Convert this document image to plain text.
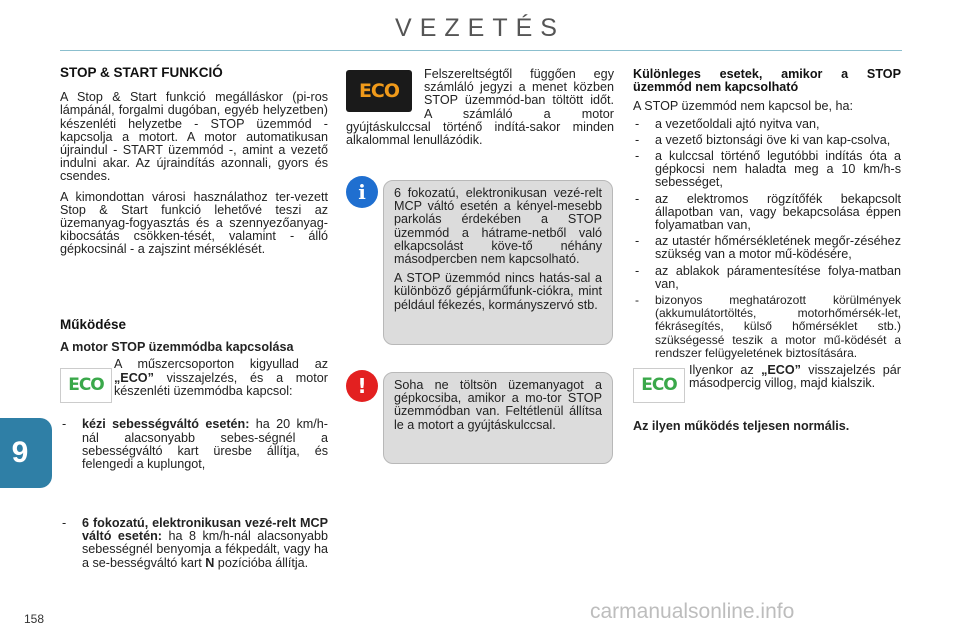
VEZETÉS
9
158
STOP & START FUNKCIÓ

A Stop & Start funkció megálláskor (pi-ros lámpánál, forgalmi dugóban, egyéb helyzetben) készenléti helyzetbe - STOP üzemmód - kapcsolja a motort. A motor automatikusan újraindul - START üzemmód -, amint a vezető indulni akar. Az újraindítás azonnali, gyors és csendes.

A kimondottan városi használathoz ter-vezett Stop & Start funkció lehetővé teszi az üzemanyag-fogyasztás és a szennyezőanyag-kibocsátás csökken-tését, valamint - álló gépkocsinál - a zajszint mérséklését.

Működése
A motor STOP üzemmódba kapcsolása
ECO
A műszercsoporton kigyullad az „ECO” visszajelzés, és a motor készenléti üzemmódba kapcsol:
- kézi sebességváltó esetén: ha 20 km/h-nál alacsonyabb sebes-ségnél a sebességváltó kart üresbe állítja, és felengedi a kuplungot,
- 6 fokozatú, elektronikusan vezé-relt MCP váltó esetén: ha 8 km/h-nál alacsonyabb sebességnél benyomja a fékpedált, vagy ha a se-bességváltó kart N pozícióba állítja.
ECO
Felszereltségtől függően egy számláló jegyzi a menet közben STOP üzemmód-ban töltött időt. A számláló a motor gyújtáskulccsal történő indítá-sakor minden alkalommal lenullázódik.

6 fokozatú, elektronikusan vezé-relt MCP váltó esetén a kényel-mesebb parkolás érdekében a STOP üzemmód a hátrame-netből való elkapcsolást köve-tő néhány másodpercben nem kapcsolható.

A STOP üzemmód nincs hatás-sal a különböző gépjárműfunk-ciókra, mint például fékezés, kormányszervó stb.

i

Soha ne töltsön üzemanyagot a gépkocsiba, amikor a mo-tor STOP üzemmódban van. Feltétlenül állítsa le a motort a gyújtáskulccsal.

!
Különleges esetek, amikor a STOP üzemmód nem kapcsolható

A STOP üzemmód nem kapcsol be, ha:

- a vezetőoldali ajtó nyitva van,
- a vezető biztonsági öve ki van kap-csolva,
- a kulccsal történő legutóbbi indítás óta a gépkocsi nem haladta meg a 10 km/h-s sebességet,
- az elektromos rögzítőfék bekapcsolt állapotban van, vagy bekapcsolása éppen folyamatban van,
- az utastér hőmérsékletének megőr-zéséhez szükség van a motor mű-ködésére,
- az ablakok páramentesítése folya-matban van,
- bizonyos meghatározott körülmények (akkumulátortöltés, motorhőmérsék-let, fékrásegítés, külső hőmérséklet stb.) szükségessé teszik a motor mű-ködését a rendszer felügyeletének biztosítására.
ECO
Ilyenkor az „ECO” visszajelzés pár másodpercig villog, majd kialszik.
Az ilyen működés teljesen normális.
carmanualsonline.info
